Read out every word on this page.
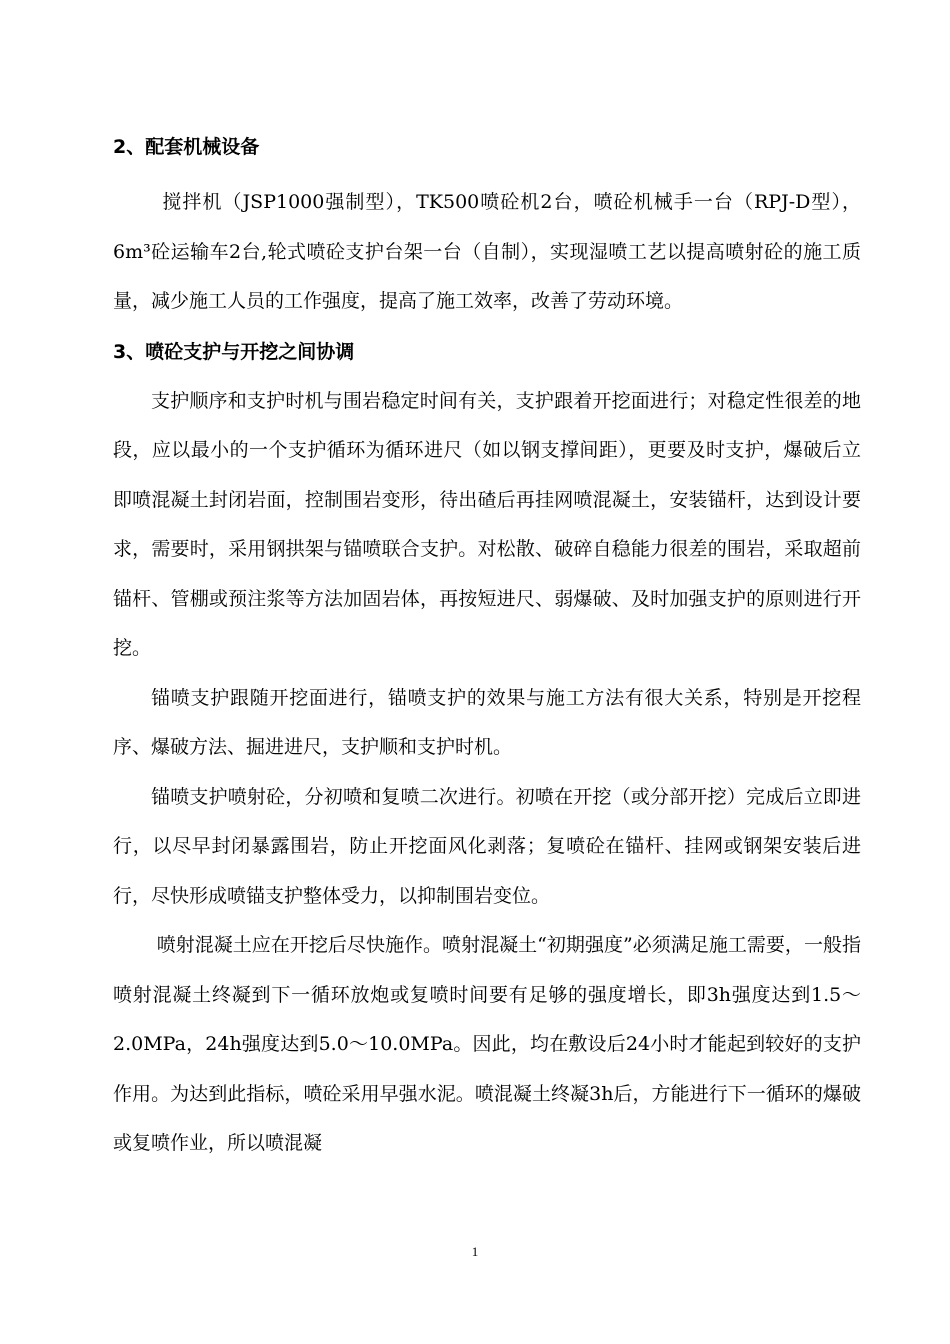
2、配套机械设备

搅拌机（JSP1000强制型），TK500喷砼机2台，喷砼机械手一台（RPJ-D型），6m³砼运输车2台,轮式喷砼支护台架一台（自制），实现湿喷工艺以提高喷射砼的施工质量，减少施工人员的工作强度，提高了施工效率，改善了劳动环境。

3、喷砼支护与开挖之间协调

支护顺序和支护时机与围岩稳定时间有关，支护跟着开挖面进行；对稳定性很差的地段，应以最小的一个支护循环为循环进尺（如以钢支撑间距），更要及时支护，爆破后立即喷混凝土封闭岩面，控制围岩变形，待出碴后再挂网喷混凝土，安装锚杆，达到设计要求，需要时，采用钢拱架与锚喷联合支护。对松散、破碎自稳能力很差的围岩，采取超前锚杆、管棚或预注浆等方法加固岩体，再按短进尺、弱爆破、及时加强支护的原则进行开挖。

锚喷支护跟随开挖面进行，锚喷支护的效果与施工方法有很大关系，特别是开挖程序、爆破方法、掘进进尺，支护顺和支护时机。

锚喷支护喷射砼，分初喷和复喷二次进行。初喷在开挖（或分部开挖）完成后立即进行，以尽早封闭暴露围岩，防止开挖面风化剥落；复喷砼在锚杆、挂网或钢架安装后进行，尽快形成喷锚支护整体受力，以抑制围岩变位。

喷射混凝土应在开挖后尽快施作。喷射混凝土“初期强度”必须满足施工需要，一般指喷射混凝土终凝到下一循环放炮或复喷时间要有足够的强度增长，即3h强度达到1.5～2.0MPa，24h强度达到5.0～10.0MPa。因此，均在敷设后24小时才能起到较好的支护作用。为达到此指标，喷砼采用早强水泥。喷混凝土终凝3h后，方能进行下一循环的爆破或复喷作业，所以喷混凝

1
